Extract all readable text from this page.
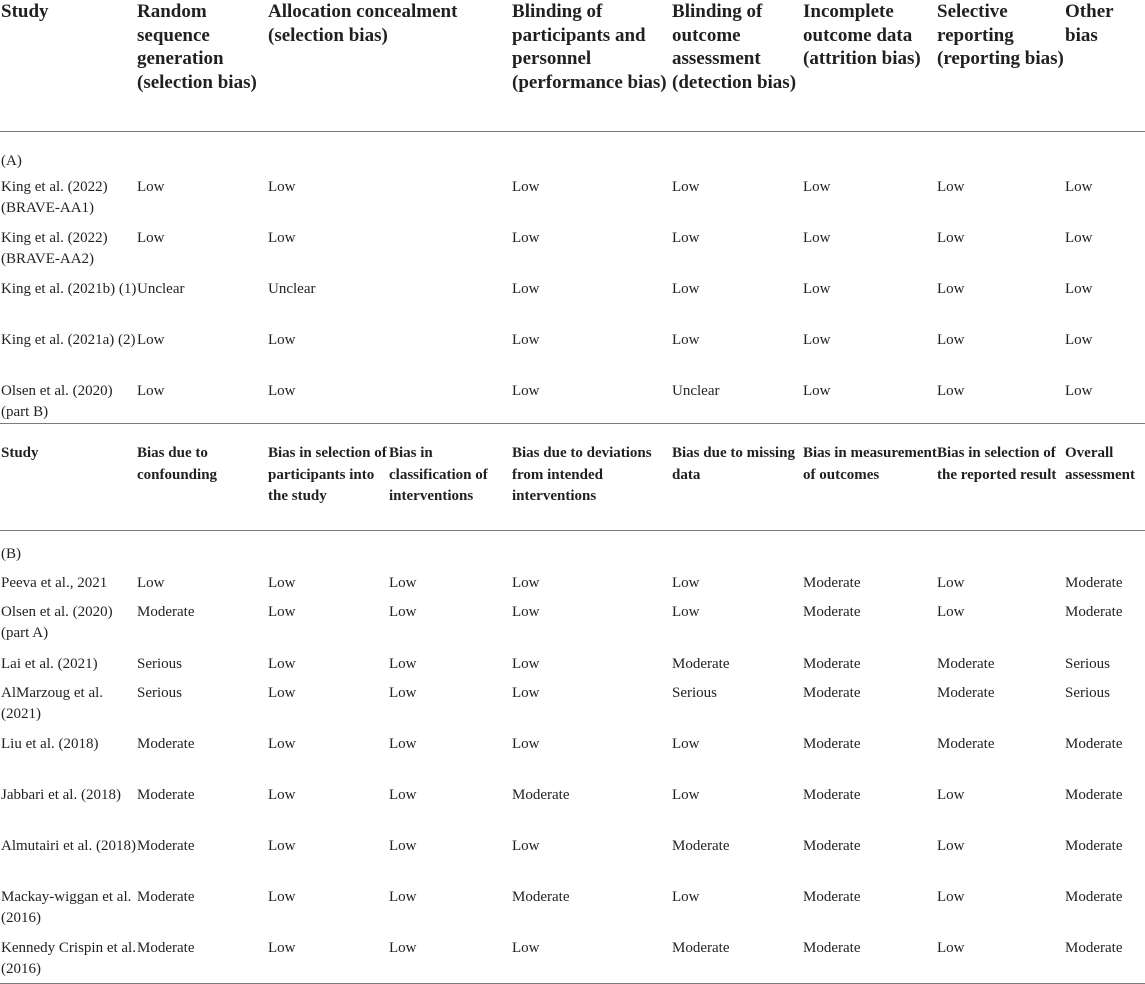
Study	Random sequence generation (selection bias)	Allocation concealment (selection bias)	Blinding of participants and personnel (performance bias)	Blinding of outcome assessment (detection bias)	Incomplete outcome data (attrition bias)	Selective reporting (reporting bias)	Other bias
(A)							
King et al. (2022) (BRAVE-AA1)	Low	Low	Low	Low	Low	Low	Low
King et al. (2022) (BRAVE-AA2)	Low	Low	Low	Low	Low	Low	Low
King et al. (2021b) (1)	Unclear	Unclear	Low	Low	Low	Low	Low
King et al. (2021a) (2)	Low	Low	Low	Low	Low	Low	Low
Olsen et al. (2020) (part B)	Low	Low	Low	Unclear	Low	Low	Low
Study	Bias due to confounding	Bias in selection of participants into the study	Bias in classification of interventions	Bias due to deviations from intended interventions	Bias due to missing data	Bias in measurement of outcomes	Bias in selection of the reported result	Overall assessment
(B)								
Peeva et al., 2021	Low	Low	Low	Low	Low	Moderate	Low	Moderate
Olsen et al. (2020) (part A)	Moderate	Low	Low	Low	Low	Moderate	Low	Moderate
Lai et al. (2021)	Serious	Low	Low	Low	Moderate	Moderate	Moderate	Serious
AlMarzoug et al. (2021)	Serious	Low	Low	Low	Serious	Moderate	Moderate	Serious
Liu et al. (2018)	Moderate	Low	Low	Low	Low	Moderate	Moderate	Moderate
Jabbari et al. (2018)	Moderate	Low	Low	Moderate	Low	Moderate	Low	Moderate
Almutairi et al. (2018)	Moderate	Low	Low	Low	Moderate	Moderate	Low	Moderate
Mackay-wiggan et al. (2016)	Moderate	Low	Low	Moderate	Low	Moderate	Low	Moderate
Kennedy Crispin et al. (2016)	Moderate	Low	Low	Low	Moderate	Moderate	Low	Moderate
